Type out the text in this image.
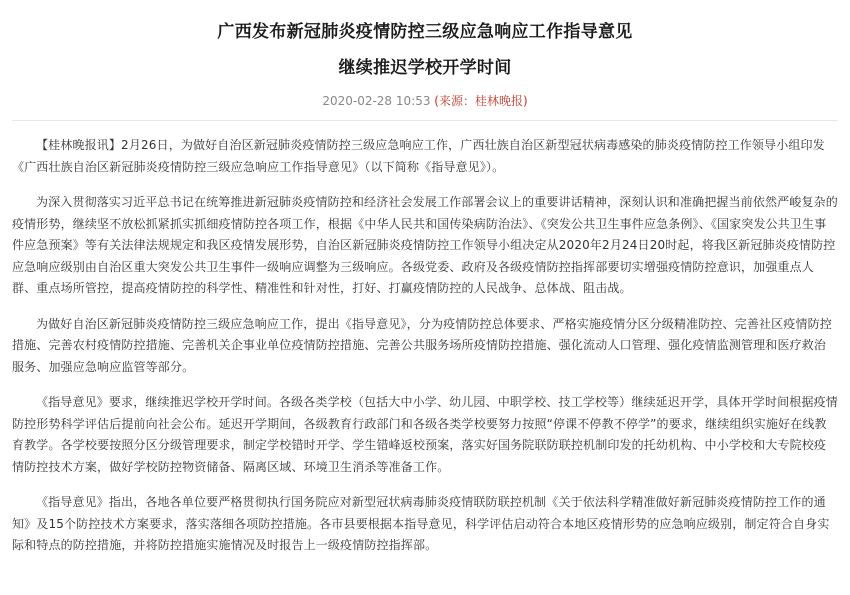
广西发布新冠肺炎疫情防控三级应急响应工作指导意见
继续推迟学校开学时间
2020-02-28 10:53 (来源：桂林晚报)

【桂林晚报讯】2月26日，为做好自治区新冠肺炎疫情防控三级应急响应工作，广西壮族自治区新型冠状病毒感染的肺炎疫情防控工作领导小组印发《广西壮族自治区新冠肺炎疫情防控三级应急响应工作指导意见》（以下简称《指导意见》）。

为深入贯彻落实习近平总书记在统筹推进新冠肺炎疫情防控和经济社会发展工作部署会议上的重要讲话精神，深刻认识和准确把握当前依然严峻复杂的疫情形势，继续坚不放松抓紧抓实抓细疫情防控各项工作，根据《中华人民共和国传染病防治法》、《突发公共卫生事件应急条例》、《国家突发公共卫生事件应急预案》等有关法律法规规定和我区疫情发展形势，自治区新冠肺炎疫情防控工作领导小组决定从2020年2月24日20时起，将我区新冠肺炎疫情防控应急响应级别由自治区重大突发公共卫生事件一级响应调整为三级响应。各级党委、政府及各级疫情防控指挥部要切实增强疫情防控意识，加强重点人群、重点场所管控，提高疫情防控的科学性、精准性和针对性，打好、打赢疫情防控的人民战争、总体战、阻击战。

为做好自治区新冠肺炎疫情防控三级应急响应工作，提出《指导意见》，分为疫情防控总体要求、严格实施疫情分区分级精准防控、完善社区疫情防控措施、完善农村疫情防控措施、完善机关企事业单位疫情防控措施、完善公共服务场所疫情防控措施、强化流动人口管理、强化疫情监测管理和医疗救治服务、加强应急响应监管等部分。

《指导意见》要求，继续推迟学校开学时间。各级各类学校（包括大中小学、幼儿园、中职学校、技工学校等）继续延迟开学，具体开学时间根据疫情防控形势科学评估后提前向社会公布。延迟开学期间，各级教育行政部门和各级各类学校要努力按照“停课不停教不停学”的要求，继续组织实施好在线教育教学。各学校要按照分区分级管理要求，制定学校错时开学、学生错峰返校预案，落实好国务院联防联控机制印发的托幼机构、中小学校和大专院校疫情防控技术方案，做好学校防控物资储备、隔离区域、环境卫生消杀等准备工作。

《指导意见》指出，各地各单位要严格贯彻执行国务院应对新型冠状病毒肺炎疫情联防联控机制《关于依法科学精准做好新冠肺炎疫情防控工作的通知》及15个防控技术方案要求，落实落细各项防控措施。各市县要根据本指导意见，科学评估启动符合本地区疫情形势的应急响应级别，制定符合自身实际和特点的防控措施，并将防控措施实施情况及时报告上一级疫情防控指挥部。
